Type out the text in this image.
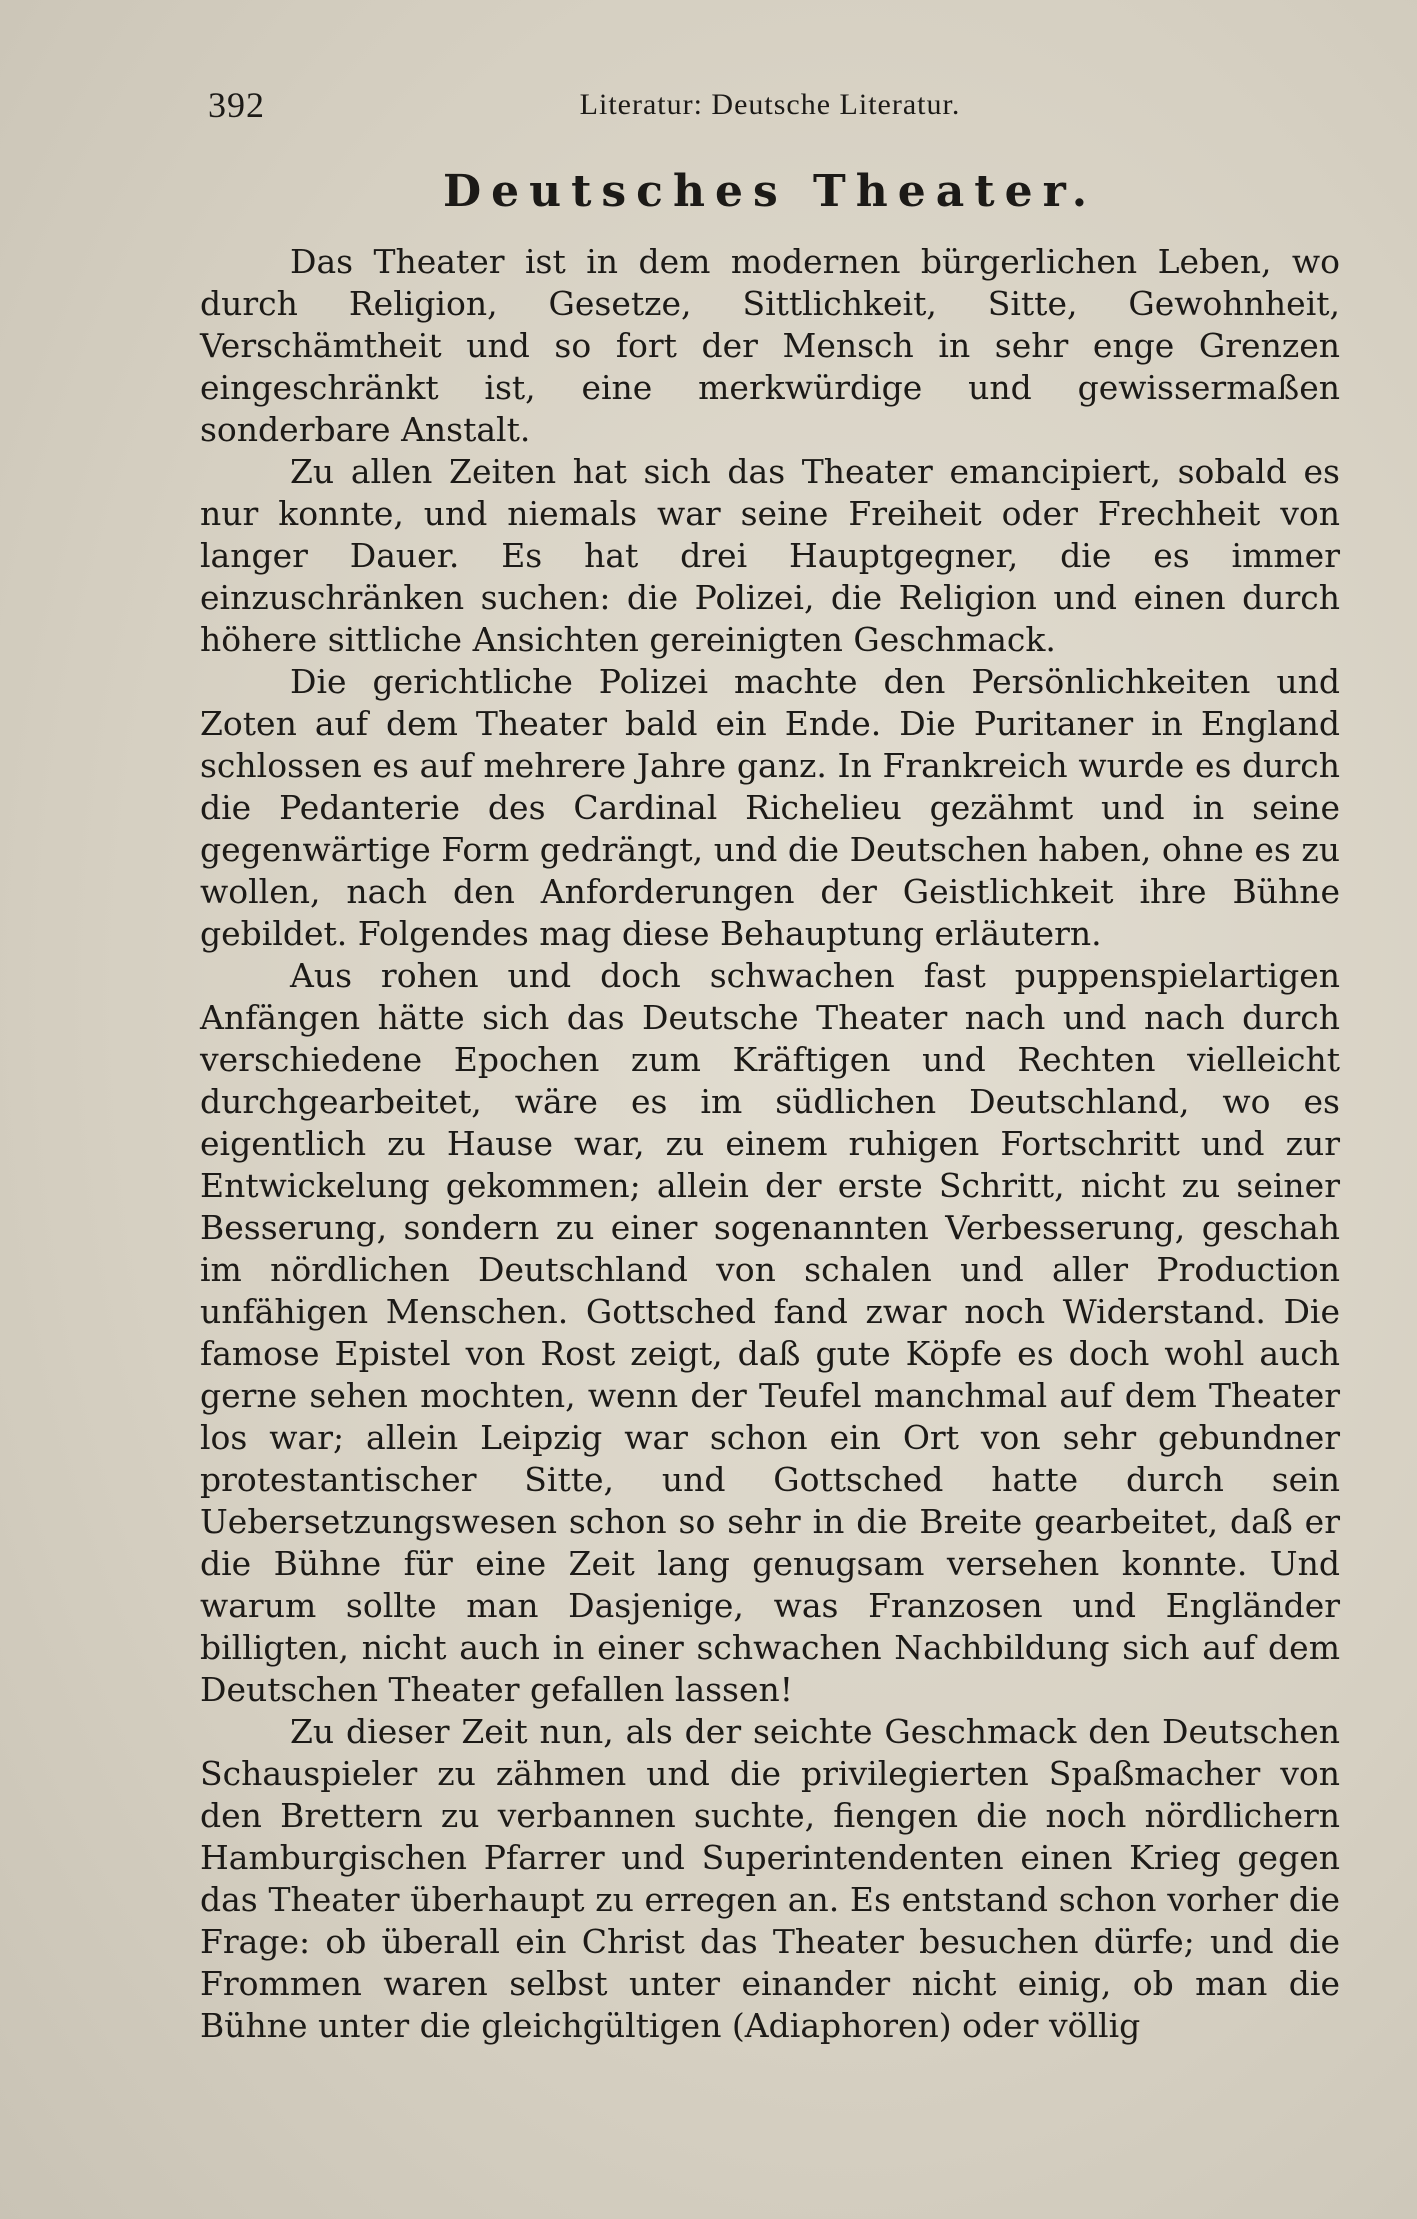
392	Literatur: Deutsche Literatur.
Deutsches Theater.

Das Theater ist in dem modernen bürgerlichen Leben, wo durch Religion, Gesetze, Sittlichkeit, Sitte, Gewohnheit, Verschämtheit und so fort der Mensch in sehr enge Grenzen eingeschränkt ist, eine merkwürdige und gewissermaßen sonderbare Anstalt.

Zu allen Zeiten hat sich das Theater emancipiert, sobald es nur konnte, und niemals war seine Freiheit oder Frechheit von langer Dauer. Es hat drei Hauptgegner, die es immer einzuschränken suchen: die Polizei, die Religion und einen durch höhere sittliche Ansichten gereinigten Geschmack.

Die gerichtliche Polizei machte den Persönlichkeiten und Zoten auf dem Theater bald ein Ende. Die Puritaner in England schlossen es auf mehrere Jahre ganz. In Frankreich wurde es durch die Pedanterie des Cardinal Richelieu gezähmt und in seine gegenwärtige Form gedrängt, und die Deutschen haben, ohne es zu wollen, nach den Anforderungen der Geistlichkeit ihre Bühne gebildet. Folgendes mag diese Behauptung erläutern.

Aus rohen und doch schwachen fast puppenspielartigen Anfängen hätte sich das Deutsche Theater nach und nach durch verschiedene Epochen zum Kräftigen und Rechten vielleicht durchgearbeitet, wäre es im südlichen Deutschland, wo es eigentlich zu Hause war, zu einem ruhigen Fortschritt und zur Entwickelung gekommen; allein der erste Schritt, nicht zu seiner Besserung, sondern zu einer sogenannten Verbesserung, geschah im nördlichen Deutschland von schalen und aller Production unfähigen Menschen. Gottsched fand zwar noch Widerstand. Die famose Epistel von Rost zeigt, daß gute Köpfe es doch wohl auch gerne sehen mochten, wenn der Teufel manchmal auf dem Theater los war; allein Leipzig war schon ein Ort von sehr gebundner protestantischer Sitte, und Gottsched hatte durch sein Uebersetzungswesen schon so sehr in die Breite gearbeitet, daß er die Bühne für eine Zeit lang genugsam versehen konnte. Und warum sollte man Dasjenige, was Franzosen und Engländer billigten, nicht auch in einer schwachen Nachbildung sich auf dem Deutschen Theater gefallen lassen!

Zu dieser Zeit nun, als der seichte Geschmack den Deutschen Schauspieler zu zähmen und die privilegierten Spaßmacher von den Brettern zu verbannen suchte, fiengen die noch nördlichern Hamburgischen Pfarrer und Superintendenten einen Krieg gegen das Theater überhaupt zu erregen an. Es entstand schon vorher die Frage: ob überall ein Christ das Theater besuchen dürfe; und die Frommen waren selbst unter einander nicht einig, ob man die Bühne unter die gleichgültigen (Adiaphoren) oder völlig
